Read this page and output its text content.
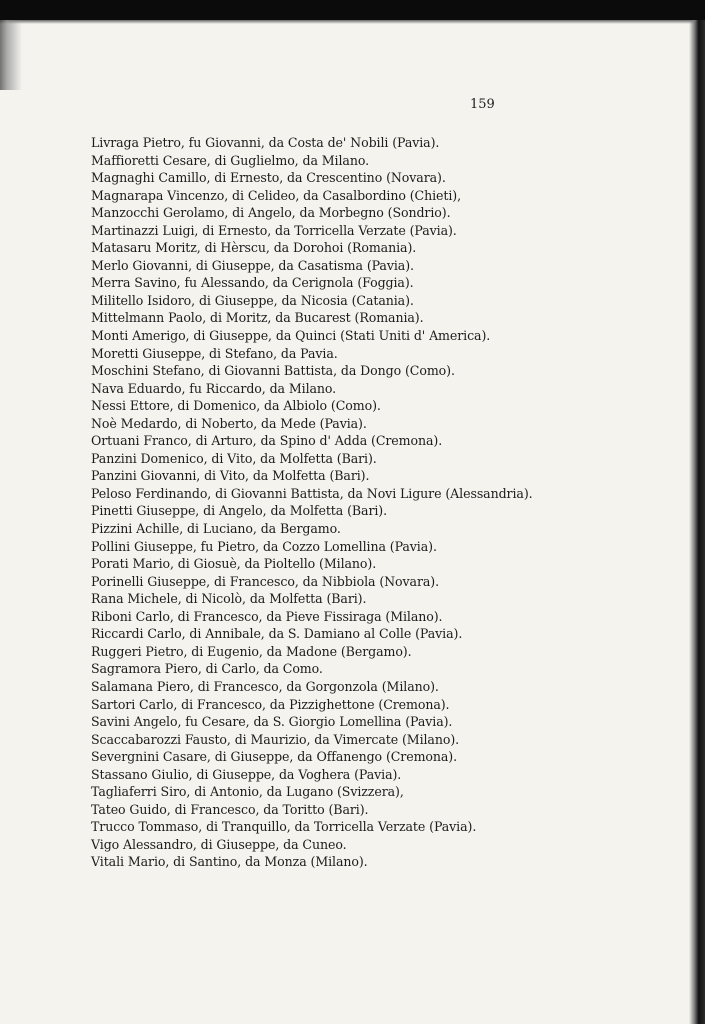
159
Livraga Pietro, fu Giovanni, da Costa de' Nobili (Pavia).
Maffioretti Cesare, di Guglielmo, da Milano.
Magnaghi Camillo, di Ernesto, da Crescentino (Novara).
Magnarapa Vincenzo, di Celideo, da Casalbordino (Chieti),
Manzocchi Gerolamo, di Angelo, da Morbegno (Sondrio).
Martinazzi Luigi, di Ernesto, da Torricella Verzate (Pavia).
Matasaru Moritz, di Hèrscu, da Dorohoi (Romania).
Merlo Giovanni, di Giuseppe, da Casatisma (Pavia).
Merra Savino, fu Alessando, da Cerignola (Foggia).
Militello Isidoro, di Giuseppe, da Nicosia (Catania).
Mittelmann Paolo, di Moritz, da Bucarest (Romania).
Monti Amerigo, di Giuseppe, da Quinci (Stati Uniti d' America).
Moretti Giuseppe, di Stefano, da Pavia.
Moschini Stefano, di Giovanni Battista, da Dongo (Como).
Nava Eduardo, fu Riccardo, da Milano.
Nessi Ettore, di Domenico, da Albiolo (Como).
Noè Medardo, di Noberto, da Mede (Pavia).
Ortuani Franco, di Arturo, da Spino d' Adda (Cremona).
Panzini Domenico, di Vito, da Molfetta (Bari).
Panzini Giovanni, di Vito, da Molfetta (Bari).
Peloso Ferdinando, di Giovanni Battista, da Novi Ligure (Alessandria).
Pinetti Giuseppe, di Angelo, da Molfetta (Bari).
Pizzini Achille, di Luciano, da Bergamo.
Pollini Giuseppe, fu Pietro, da Cozzo Lomellina (Pavia).
Porati Mario, di Giosuè, da Pioltello (Milano).
Porinelli Giuseppe, di Francesco, da Nibbiola (Novara).
Rana Michele, di Nicolò, da Molfetta (Bari).
Riboni Carlo, di Francesco, da Pieve Fissiraga (Milano).
Riccardi Carlo, di Annibale, da S. Damiano al Colle (Pavia).
Ruggeri Pietro, di Eugenio, da Madone (Bergamo).
Sagramora Piero, di Carlo, da Como.
Salamana Piero, di Francesco, da Gorgonzola (Milano).
Sartori Carlo, di Francesco, da Pizzighettone (Cremona).
Savini Angelo, fu Cesare, da S. Giorgio Lomellina (Pavia).
Scaccabarozzi Fausto, di Maurizio, da Vimercate (Milano).
Severgnini Casare, di Giuseppe, da Offanengo (Cremona).
Stassano Giulio, di Giuseppe, da Voghera (Pavia).
Tagliaferri Siro, di Antonio, da Lugano (Svizzera),
Tateo Guido, di Francesco, da Toritto (Bari).
Trucco Tommaso, di Tranquillo, da Torricella Verzate (Pavia).
Vigo Alessandro, di Giuseppe, da Cuneo.
Vitali Mario, di Santino, da Monza (Milano).
